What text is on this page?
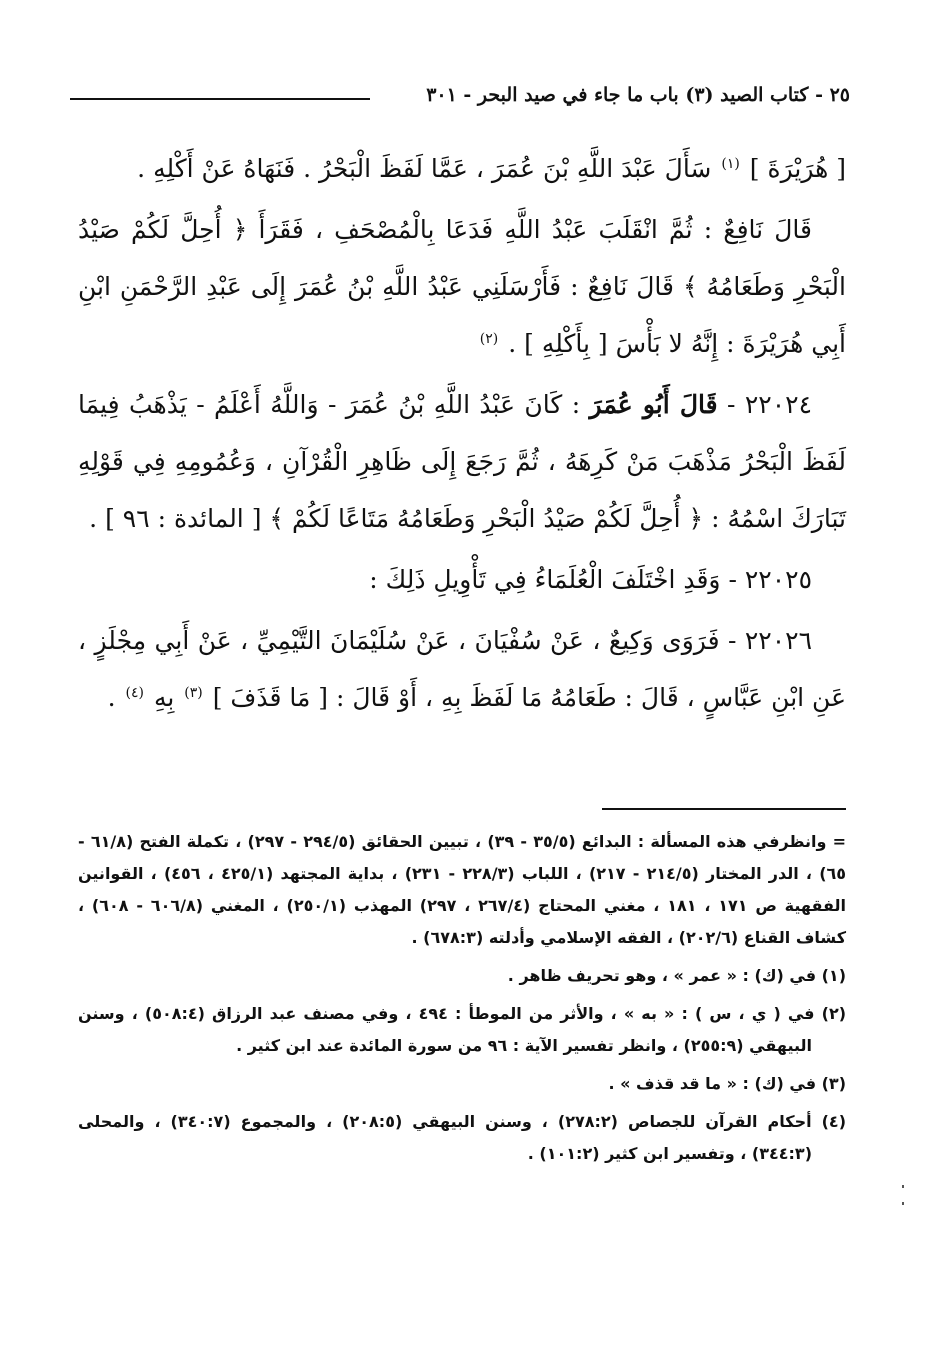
٢٥ - كتاب الصيد (٣) باب ما جاء في صيد البحر - ٣٠١

[ هُرَيْرَةَ ] $^{(١)}$ سَأَلَ عَبْدَ اللَّهِ بْنَ عُمَرَ ، عَمَّا لَفَظَ الْبَحْرُ . فَنَهَاهُ عَنْ أَكْلِهِ .

قَالَ نَافِعٌ : ثُمَّ انْقَلَبَ عَبْدُ اللَّهِ فَدَعَا بِالْمُصْحَفِ ، فَقَرَأَ ﴿ أُحِلَّ لَكُمْ صَيْدُ الْبَحْرِ وَطَعَامُهُ ﴾ قَالَ نَافِعٌ : فَأَرْسَلَنِي عَبْدُ اللَّهِ بْنُ عُمَرَ إِلَى عَبْدِ الرَّحْمَنِ ابْنِ أَبِي هُرَيْرَةَ : إِنَّهُ لا بَأْسَ [ بِأَكْلِهِ ] . $^{(٢)}$

٢٢٠٢٤ - قَالَ أَبُو عُمَرَ : كَانَ عَبْدُ اللَّهِ بْنُ عُمَرَ - وَاللَّهُ أَعْلَمُ - يَذْهَبُ فِيمَا لَفَظَ الْبَحْرُ مَذْهَبَ مَنْ كَرِهَهُ ، ثُمَّ رَجَعَ إِلَى ظَاهِرِ الْقُرْآنِ ، وَعُمُومِهِ فِي قَوْلِهِ تَبَارَكَ اسْمُهُ : ﴿ أُحِلَّ لَكُمْ صَيْدُ الْبَحْرِ وَطَعَامُهُ مَتَاعًا لَكُمْ ﴾ [ المائدة : ٩٦ ] .

٢٢٠٢٥ - وَقَدِ اخْتَلَفَ الْعُلَمَاءُ فِي تَأْوِيلِ ذَلِكَ :

٢٢٠٢٦ - فَرَوَى وَكِيعٌ ، عَنْ سُفْيَانَ ، عَنْ سُلَيْمَانَ التَّيْمِيِّ ، عَنْ أَبِي مِجْلَزٍ ، عَنِ ابْنِ عَبَّاسٍ ، قَالَ : طَعَامُهُ مَا لَفَظَ بِهِ ، أَوْ قَالَ : [ مَا قَذَفَ ] $^{(٣)}$ بِهِ $^{(٤)}$ .

= وانظرفي هذه المسألة : البدائع (٣٥/٥ - ٣٩) ، تبيين الحقائق (٢٩٤/٥ - ٢٩٧) ، تكملة الفتح (٦١/٨ - ٦٥) ، الدر المختار (٢١٤/٥ - ٢١٧) ، اللباب (٢٢٨/٣ - ٢٣١) ، بداية المجتهد (٤٢٥/١ ، ٤٥٦) ، القوانين الفقهية ص ١٧١ ، ١٨١ ، مغني المحتاج (٢٦٧/٤ ، ٢٩٧) المهذب (٢٥٠/١) ، المغني (٦٠٦/٨ - ٦٠٨) ، كشاف القناع (٢٠٢/٦) ، الفقه الإسلامي وأدلته (٦٧٨:٣) .

(١) في (ك) : « عمر » ، وهو تحريف ظاهر .

(٢) في ( ي ، س ) : « به » ، والأثر من الموطأ : ٤٩٤ ، وفي مصنف عبد الرزاق (٥٠٨:٤) ، وسنن البيهقي (٢٥٥:٩) ، وانظر تفسير الآية : ٩٦ من سورة المائدة عند ابن كثير .

(٣) في (ك) : « ما قد قذف » .

(٤) أحكام القرآن للجصاص (٢٧٨:٢) ، وسنن البيهقي (٢٠٨:٥) ، والمجموع (٣٤٠:٧) ، والمحلى (٣٤٤:٣) ، وتفسير ابن كثير (١٠١:٢) .
